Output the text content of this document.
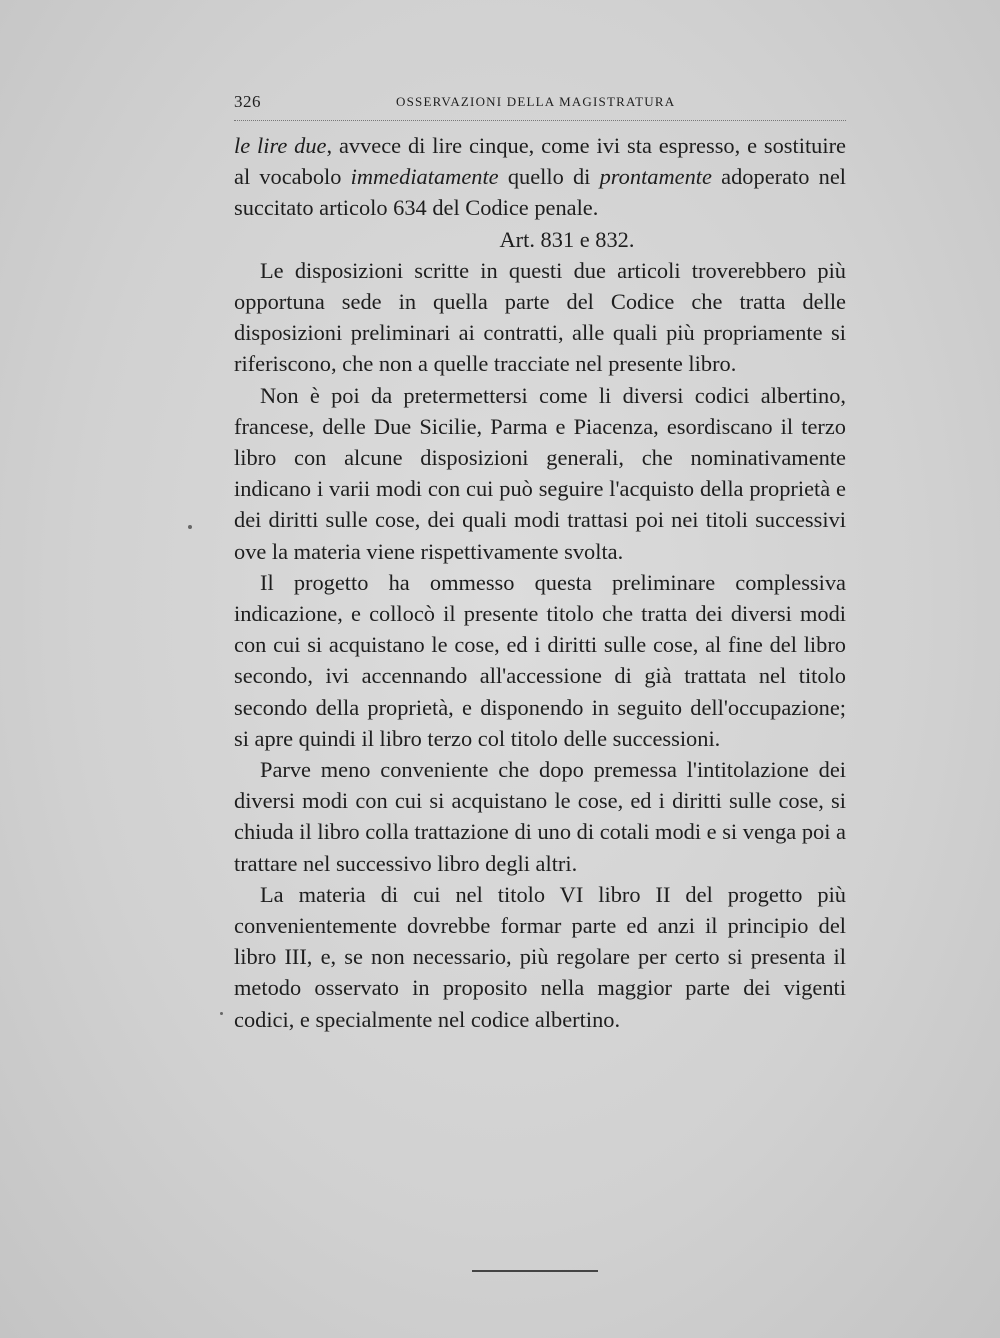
326	OSSERVAZIONI DELLA MAGISTRATURA

le lire due, avvece di lire cinque, come ivi sta espresso, e sostituire al vocabolo immediatamente quello di prontamente adoperato nel succitato articolo 634 del Codice penale.

Art. 831 e 832.

Le disposizioni scritte in questi due articoli troverebbero più opportuna sede in quella parte del Codice che tratta delle disposizioni preliminari ai contratti, alle quali più propriamente si riferiscono, che non a quelle tracciate nel presente libro.

Non è poi da pretermettersi come li diversi codici albertino, francese, delle Due Sicilie, Parma e Piacenza, esordiscano il terzo libro con alcune disposizioni generali, che nominativamente indicano i varii modi con cui può seguire l'acquisto della proprietà e dei diritti sulle cose, dei quali modi trattasi poi nei titoli successivi ove la materia viene rispettivamente svolta.

Il progetto ha ommesso questa preliminare complessiva indicazione, e collocò il presente titolo che tratta dei diversi modi con cui si acquistano le cose, ed i diritti sulle cose, al fine del libro secondo, ivi accennando all'accessione di già trattata nel titolo secondo della proprietà, e disponendo in seguito dell'occupazione; si apre quindi il libro terzo col titolo delle successioni.

Parve meno conveniente che dopo premessa l'intitolazione dei diversi modi con cui si acquistano le cose, ed i diritti sulle cose, si chiuda il libro colla trattazione di uno di cotali modi e si venga poi a trattare nel successivo libro degli altri.

La materia di cui nel titolo VI libro II del progetto più convenientemente dovrebbe formar parte ed anzi il principio del libro III, e, se non necessario, più regolare per certo si presenta il metodo osservato in proposito nella maggior parte dei vigenti codici, e specialmente nel codice albertino.
